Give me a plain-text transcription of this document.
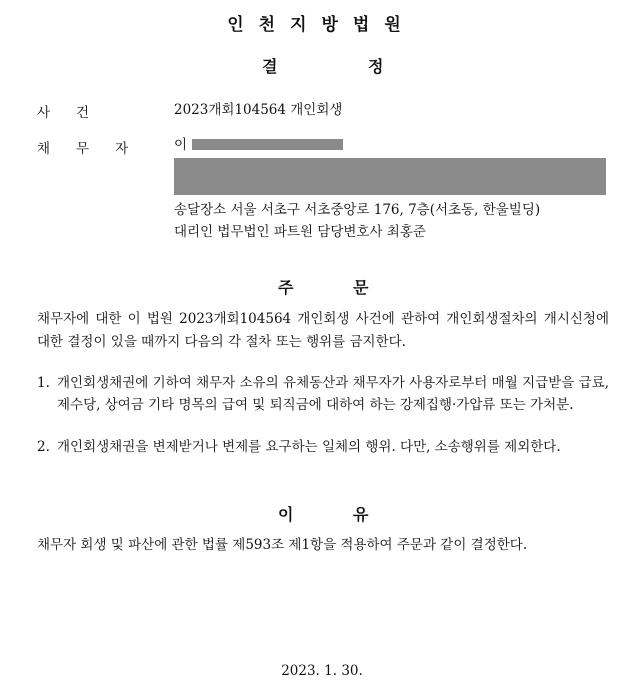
인천지방법원
결	정
사건	2023개회104564 개인회생
채무자 이
송달장소 서울 서초구 서초중앙로 176, 7층(서초동, 한울빌딩)
대리인 법무법인 파트원 담당변호사 최홍준
주	문
채무자에 대한 이 법원 2023개회104564 개인회생 사건에 관하여 개인회생절차의 개시신청에 대한 결정이 있을 때까지 다음의 각 절차 또는 행위를 금지한다.
1. 개인회생채권에 기하여 채무자 소유의 유체동산과 채무자가 사용자로부터 매월 지급받을 급료, 제수당, 상여금 기타 명목의 급여 및 퇴직금에 대하여 하는 강제집행·가압류 또는 가처분.
2. 개인회생채권을 변제받거나 변제를 요구하는 일체의 행위. 다만, 소송행위를 제외한다.
이	유
채무자 회생 및 파산에 관한 법률 제593조 제1항을 적용하여 주문과 같이 결정한다.
2023. 1. 30.
